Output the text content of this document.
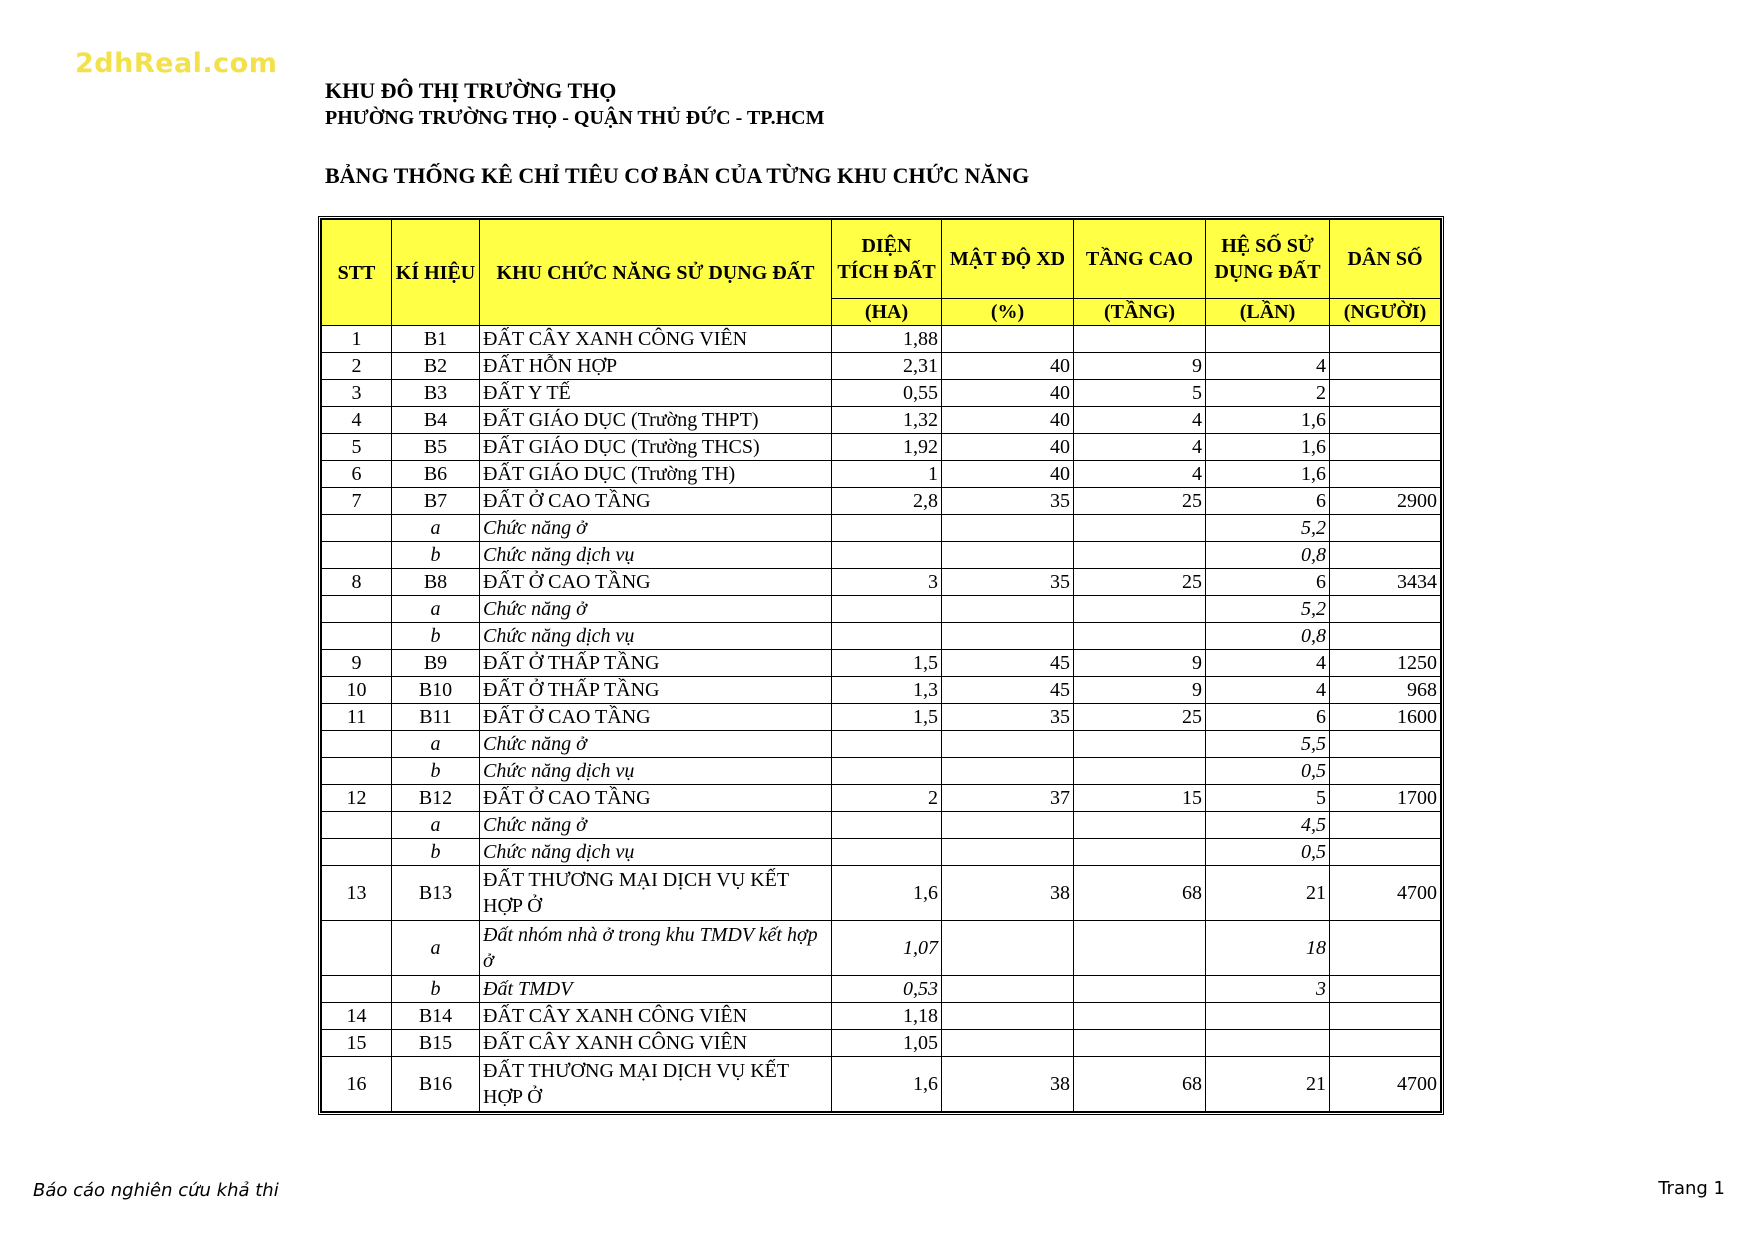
2dhReal.com
KHU ĐÔ THỊ TRƯỜNG THỌ
PHƯỜNG TRƯỜNG THỌ - QUẬN THỦ ĐỨC - TP.HCM
BẢNG THỐNG KÊ CHỈ TIÊU CƠ BẢN CỦA TỪNG KHU CHỨC NĂNG
STT	KÍ HIỆU	KHU CHỨC NĂNG SỬ DỤNG ĐẤT	DIỆN TÍCH ĐẤT	MẬT ĐỘ XD	TẦNG CAO	HỆ SỐ SỬ DỤNG ĐẤT	DÂN SỐ
			(HA)	(%)	(TẦNG)	(LẦN)	(NGƯỜI)
1	B1	ĐẤT CÂY XANH CÔNG VIÊN	1,88				
2	B2	ĐẤT HỖN HỢP	2,31	40	9	4	
3	B3	ĐẤT Y TẾ	0,55	40	5	2	
4	B4	ĐẤT GIÁO DỤC (Trường THPT)	1,32	40	4	1,6	
5	B5	ĐẤT GIÁO DỤC (Trường THCS)	1,92	40	4	1,6	
6	B6	ĐẤT GIÁO DỤC (Trường TH)	1	40	4	1,6	
7	B7	ĐẤT Ở CAO TẦNG	2,8	35	25	6	2900
	a	Chức năng ở				5,2	
	b	Chức năng dịch vụ				0,8	
8	B8	ĐẤT Ở CAO TẦNG	3	35	25	6	3434
	a	Chức năng ở				5,2	
	b	Chức năng dịch vụ				0,8	
9	B9	ĐẤT Ở THẤP TẦNG	1,5	45	9	4	1250
10	B10	ĐẤT Ở THẤP TẦNG	1,3	45	9	4	968
11	B11	ĐẤT Ở CAO TẦNG	1,5	35	25	6	1600
	a	Chức năng ở				5,5	
	b	Chức năng dịch vụ				0,5	
12	B12	ĐẤT Ở CAO TẦNG	2	37	15	5	1700
	a	Chức năng ở				4,5	
	b	Chức năng dịch vụ				0,5	
13	B13	ĐẤT THƯƠNG MẠI DỊCH VỤ KẾT HỢP Ở	1,6	38	68	21	4700
	a	Đất nhóm nhà ở trong khu TMDV kết hợp ở	1,07			18	
	b	Đất TMDV	0,53			3	
14	B14	ĐẤT CÂY XANH CÔNG VIÊN	1,18				
15	B15	ĐẤT CÂY XANH CÔNG VIÊN	1,05				
16	B16	ĐẤT THƯƠNG MẠI DỊCH VỤ KẾT HỢP Ở	1,6	38	68	21	4700
Báo cáo nghiên cứu khả thi	Trang 1
